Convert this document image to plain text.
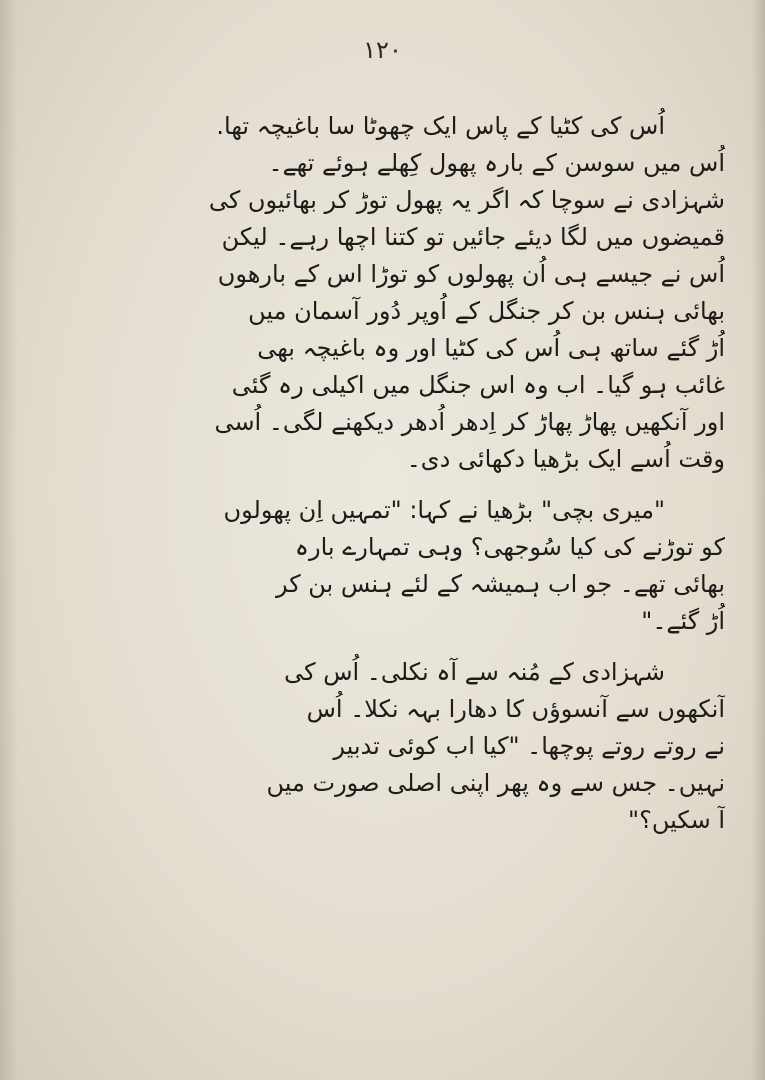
۱۲۰
اُس کی کٹیا کے پاس ایک چھوٹا سا باغیچہ تھا.
اُس میں سوسن کے بارہ پھول کِھلے ہوئے تھے۔
شہزادی نے سوچا کہ اگر یہ پھول توڑ کر بھائیوں کی
قمیضوں میں لگا دیئے جائیں تو کتنا اچھا رہے۔ لیکن
اُس نے جیسے ہی اُن پھولوں کو توڑا اس کے بارھوں
بھائی ہنس بن کر جنگل کے اُوپر دُور آسمان میں
اُڑ گئے ساتھ ہی اُس کی کٹیا اور وہ باغیچہ بھی
غائب ہو گیا۔ اب وہ اس جنگل میں اکیلی رہ گئی
اور آنکھیں پھاڑ پھاڑ کر اِدھر اُدھر دیکھنے لگی۔ اُسی
وقت اُسے ایک بڑھیا دکھائی دی۔
"میری بچی" بڑھیا نے کہا: "تمہیں اِن پھولوں
کو توڑنے کی کیا سُوجھی؟ وہی تمہارے بارہ
بھائی تھے۔ جو اب ہمیشہ کے لئے ہنس بن کر
اُڑ گئے۔"
شہزادی کے مُنہ سے آہ نکلی۔ اُس کی
آنکھوں سے آنسوؤں کا دھارا بہہ نکلا۔ اُس
نے روتے روتے پوچھا۔ "کیا اب کوئی تدبیر
نہیں۔ جس سے وہ پھر اپنی اصلی صورت میں
آ سکیں؟"
